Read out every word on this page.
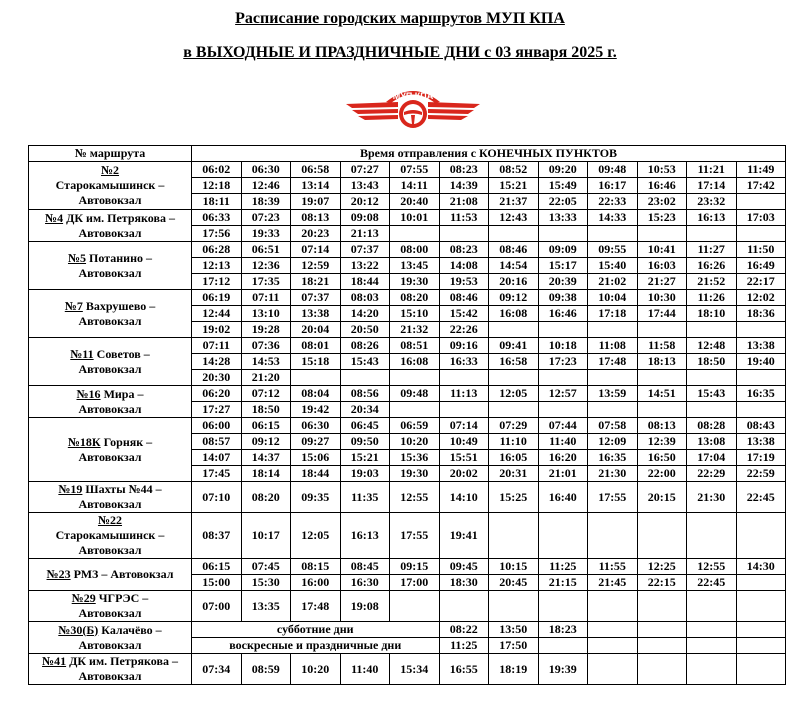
Расписание городских маршрутов МУП КПА
в ВЫХОДНЫЕ И ПРАЗДНИЧНЫЕ ДНИ с 03 января 2025 г.
МУП КПА
№ маршрута	Время отправления с КОНЕЧНЫХ ПУНКТОВ											
№2
Старокамышинск –
Автовокзал	06:02	06:30	06:58	07:27	07:55	08:23	08:52	09:20	09:48	10:53	11:21	11:49
	12:18	12:46	13:14	13:43	14:11	14:39	15:21	15:49	16:17	16:46	17:14	17:42
	18:11	18:39	19:07	20:12	20:40	21:08	21:37	22:05	22:33	23:02	23:32	
№4 ДК им. Петрякова –
Автовокзал	06:33	07:23	08:13	09:08	10:01	11:53	12:43	13:33	14:33	15:23	16:13	17:03
	17:56	19:33	20:23	21:13								
№5 Потанино –
Автовокзал	06:28	06:51	07:14	07:37	08:00	08:23	08:46	09:09	09:55	10:41	11:27	11:50
	12:13	12:36	12:59	13:22	13:45	14:08	14:54	15:17	15:40	16:03	16:26	16:49
	17:12	17:35	18:21	18:44	19:30	19:53	20:16	20:39	21:02	21:27	21:52	22:17
№7 Вахрушево –
Автовокзал	06:19	07:11	07:37	08:03	08:20	08:46	09:12	09:38	10:04	10:30	11:26	12:02
	12:44	13:10	13:38	14:20	15:10	15:42	16:08	16:46	17:18	17:44	18:10	18:36
	19:02	19:28	20:04	20:50	21:32	22:26						
№11 Советов –
Автовокзал	07:11	07:36	08:01	08:26	08:51	09:16	09:41	10:18	11:08	11:58	12:48	13:38
	14:28	14:53	15:18	15:43	16:08	16:33	16:58	17:23	17:48	18:13	18:50	19:40
	20:30	21:20										
№16 Мира –
Автовокзал	06:20	07:12	08:04	08:56	09:48	11:13	12:05	12:57	13:59	14:51	15:43	16:35
	17:27	18:50	19:42	20:34								
№18К Горняк –
Автовокзал	06:00	06:15	06:30	06:45	06:59	07:14	07:29	07:44	07:58	08:13	08:28	08:43
	08:57	09:12	09:27	09:50	10:20	10:49	11:10	11:40	12:09	12:39	13:08	13:38
	14:07	14:37	15:06	15:21	15:36	15:51	16:05	16:20	16:35	16:50	17:04	17:19
	17:45	18:14	18:44	19:03	19:30	20:02	20:31	21:01	21:30	22:00	22:29	22:59
№19 Шахты №44 –
Автовокзал	07:10	08:20	09:35	11:35	12:55	14:10	15:25	16:40	17:55	20:15	21:30	22:45
№22
Старокамышинск –
Автовокзал	08:37	10:17	12:05	16:13	17:55	19:41						
№23 РМЗ – Автовокзал	06:15	07:45	08:15	08:45	09:15	09:45	10:15	11:25	11:55	12:25	12:55	14:30
	15:00	15:30	16:00	16:30	17:00	18:30	20:45	21:15	21:45	22:15	22:45	
№29 ЧГРЭС –
Автовокзал	07:00	13:35	17:48	19:08								
№30(Б) Калачёво –
Автовокзал	субботние дни					08:22	13:50	18:23				
	воскресные и праздничные дни					11:25	17:50					
№41 ДК им. Петрякова –
Автовокзал	07:34	08:59	10:20	11:40	15:34	16:55	18:19	19:39				
